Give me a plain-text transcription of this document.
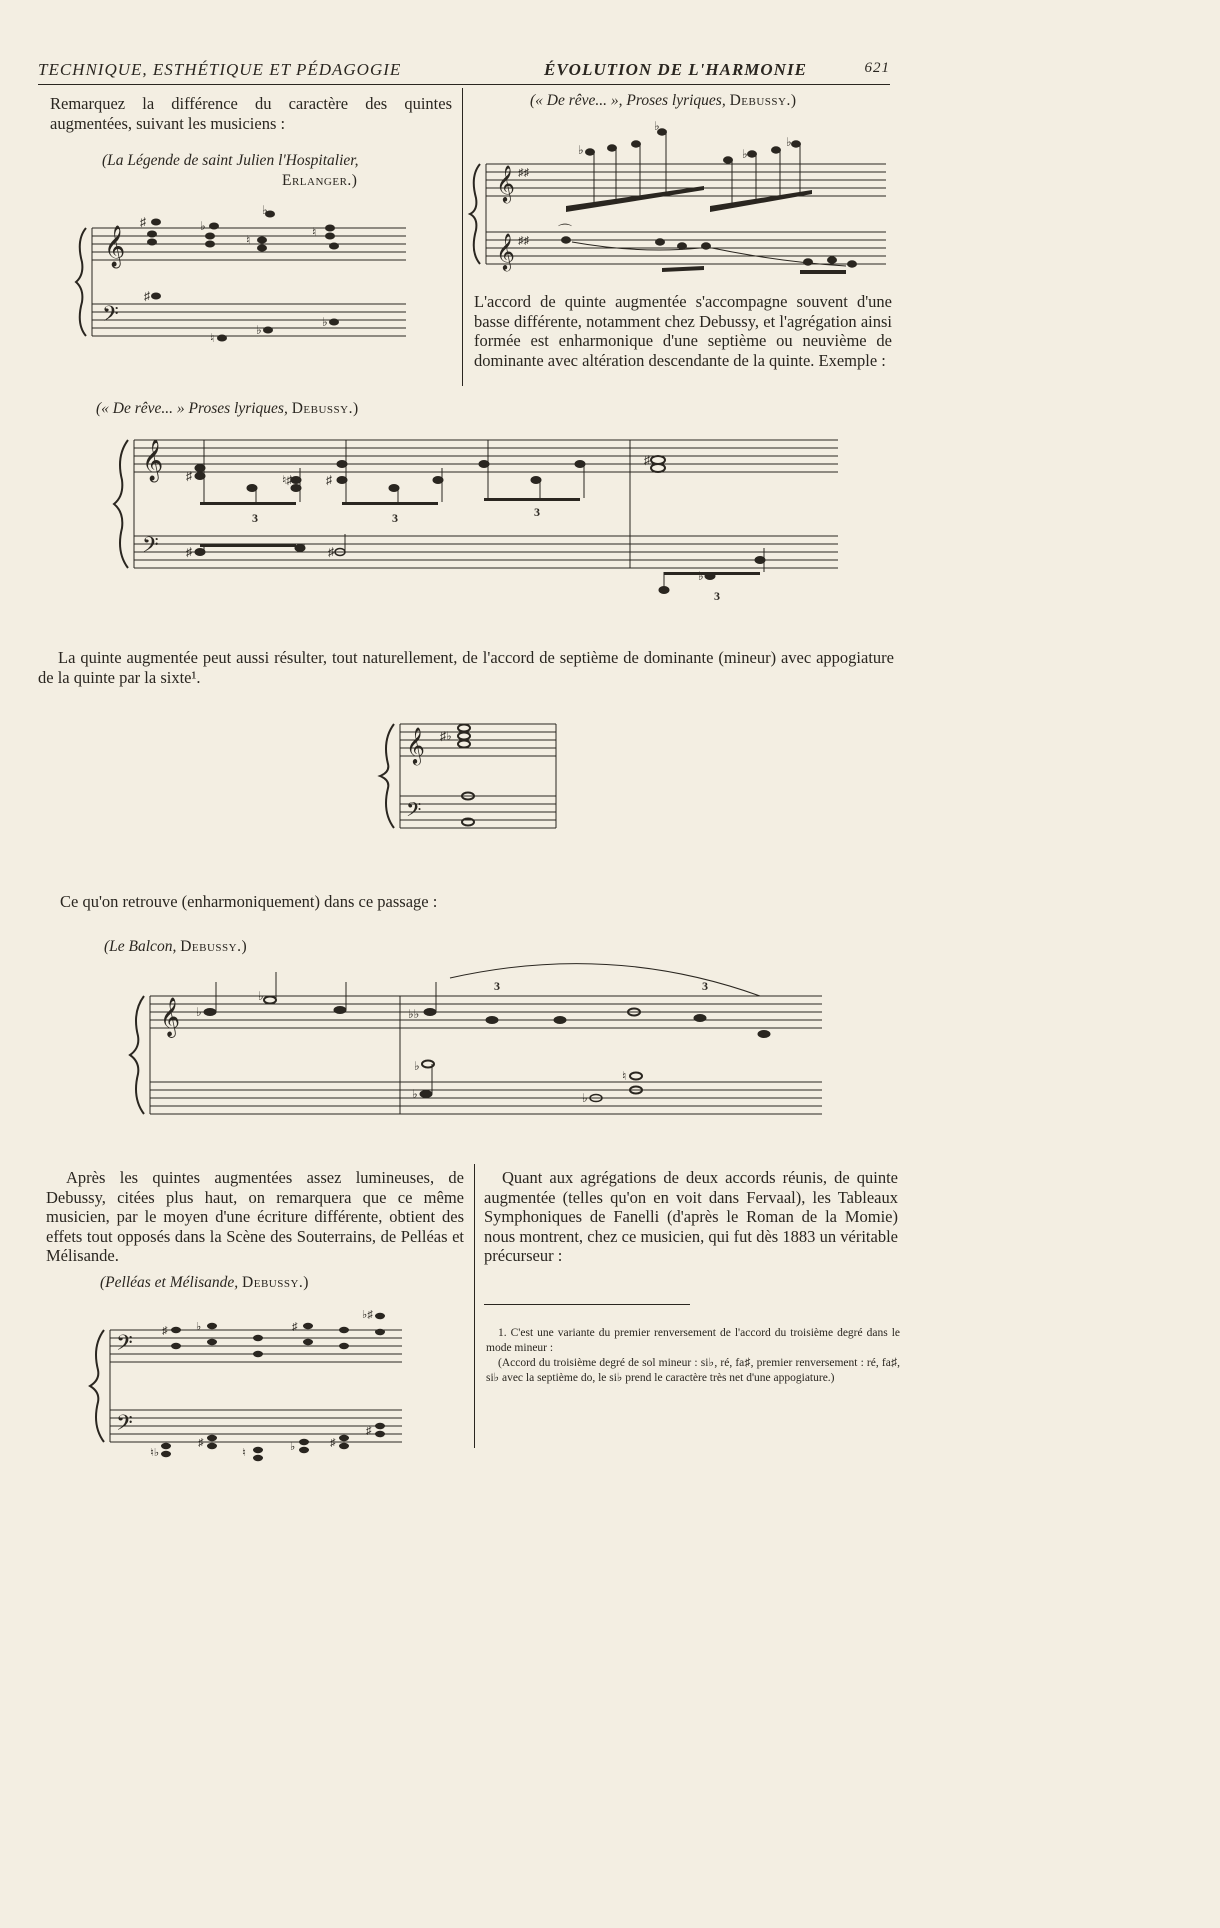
TECHNIQUE, ESTHÉTIQUE ET PÉDAGOGIE	ÉVOLUTION DE L'HARMONIE	621
Remarquez la différence du caractère des quintes augmentées, suivant les musiciens :
(La Légende de saint Julien l'Hospitalier,
Erlanger.)
𝄞
𝄢
♯	♭
♭
♮
♮
♯
♮
♭
♭
(« De rêve... », Proses lyriques, Debussy.)
𝄞
𝄞
♯♯
♯♯
♭
♭	♭
♭
⌒
L'accord de quinte augmentée s'accompagne souvent d'une basse différente, notamment chez Debussy, et l'agrégation ainsi formée est enharmonique d'une septième ou neuvième de dominante avec altération descendante de la quinte. Exemple :
(« De rêve... » Proses lyriques, Debussy.)
𝄞
𝄢
♯	♮♯	♯
♯
♯	♯
♭
3	3	3
3
La quinte augmentée peut aussi résulter, tout naturellement, de l'accord de septième de dominante (mineur) avec appogiature de la quinte par la sixte¹.
𝄞
𝄢
♯♭
Ce qu'on retrouve (enharmoniquement) dans ce passage :
(Le Balcon, Debussy.)
𝄞 ♭
♭
♭♭
♭
♭	♭
♮
3	3
Après les quintes augmentées assez lumineuses, de Debussy, citées plus haut, on remarquera que ce même musicien, par le moyen d'une écriture différente, obtient des effets tout opposés dans la Scène des Souterrains, de Pelléas et Mélisande.
(Pelléas et Mélisande, Debussy.)
𝄢
𝄢
♯	♭	♯
♭♯
♮♭
♯
♮	♭	♯
♯
Quant aux agrégations de deux accords réunis, de quinte augmentée (telles qu'on en voit dans Fervaal), les Tableaux Symphoniques de Fanelli (d'après le Roman de la Momie) nous montrent, chez ce musicien, qui fut dès 1883 un véritable précurseur :
1. C'est une variante du premier renversement de l'accord du troisième degré dans le mode mineur :
(Accord du troisième degré de sol mineur : si♭, ré, fa♯, premier renversement : ré, fa♯, si♭ avec la septième do, le si♭ prend le caractère très net d'une appogiature.)
